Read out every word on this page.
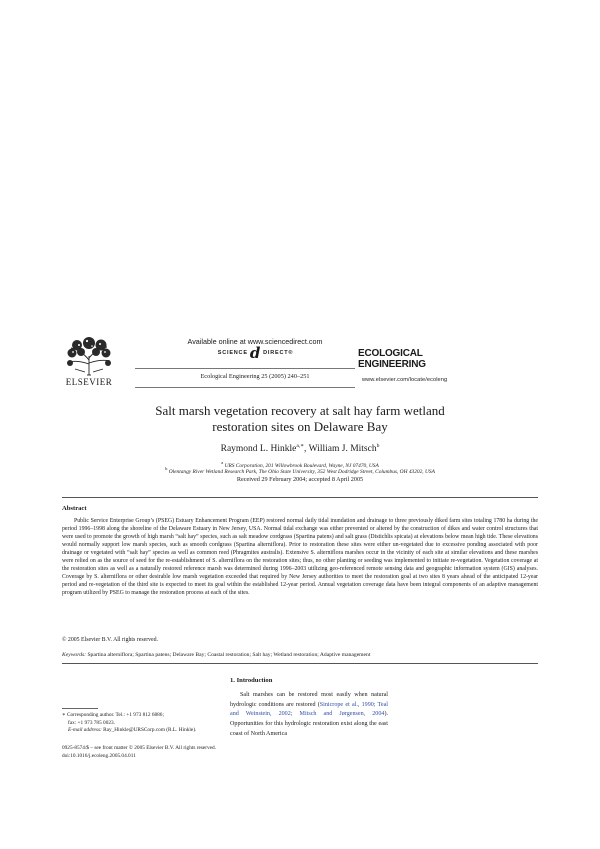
ELSEVIER
Available online at www.sciencedirect.com
SCIENCE d DIRECT®
Ecological Engineering 25 (2005) 240–251
ECOLOGICAL
ENGINEERING
www.elsevier.com/locate/ecoleng
Salt marsh vegetation recovery at salt hay farm wetland
restoration sites on Delaware Bay
Raymond L. Hinkle$^{a,∗}$, William J. Mitsch$^b$
$^a$ URS Corporation, 201 Willowbrook Boulevard, Wayne, NJ 07470, USA
$^b$ Olentangy River Wetland Research Park, The Ohio State University, 352 West Dodridge Street, Columbus, OH 43202, USA
Received 29 February 2004; accepted 8 April 2005
Abstract
Public Service Enterprise Group’s (PSEG) Estuary Enhancement Program (EEP) restored normal daily tidal inundation and drainage to three previously diked farm sites totaling 1780 ha during the period 1996–1998 along the shoreline of the Delaware Estuary in New Jersey, USA. Normal tidal exchange was either prevented or altered by the construction of dikes and water control structures that were used to promote the growth of high marsh “salt hay” species, such as salt meadow cordgrass (Spartina patens) and salt grass (Distichlis spicata) at elevations below mean high tide. These elevations would normally support low marsh species, such as smooth cordgrass (Spartina alterniflora). Prior to restoration these sites were either un-vegetated due to excessive ponding associated with poor drainage or vegetated with “salt hay” species as well as common reed (Phragmites australis). Extensive S. alterniflora marshes occur in the vicinity of each site at similar elevations and these marshes were relied on as the source of seed for the re-establishment of S. alterniflora on the restoration sites; thus, no other planting or seeding was implemented to initiate re-vegetation. Vegetation coverage at the restoration sites as well as a naturally restored reference marsh was determined during 1996–2003 utilizing geo-referenced remote sensing data and geographic information system (GIS) analyses. Coverage by S. alterniflora or other desirable low marsh vegetation exceeded that required by New Jersey authorities to meet the restoration goal at two sites 8 years ahead of the anticipated 12-year period and re-vegetation of the third site is expected to meet its goal within the established 12-year period. Annual vegetation coverage data have been integral components of an adaptive management program utilized by PSEG to manage the restoration process at each of the sites.
© 2005 Elsevier B.V. All rights reserved.
Keywords: Spartina alterniflora; Spartina patens; Delaware Bay; Coastal restoration; Salt hay; Wetland restoration; Adaptive management
1. Introduction
Salt marshes can be restored most easily when natural hydrologic conditions are restored (Sinicrope et al., 1990; Teal and Weinstein, 2002; Mitsch and Jørgensen, 2004). Opportunities for this hydrologic restoration exist along the east coast of North America
∗ Corresponding author. Tel.: +1 973 812 6886;
fax: +1 973 785 0023.
E-mail address: Ray_Hinkle@URSCorp.com (R.L. Hinkle).
0925-8574/$ – see front matter © 2005 Elsevier B.V. All rights reserved.
doi:10.1016/j.ecoleng.2005.04.011
